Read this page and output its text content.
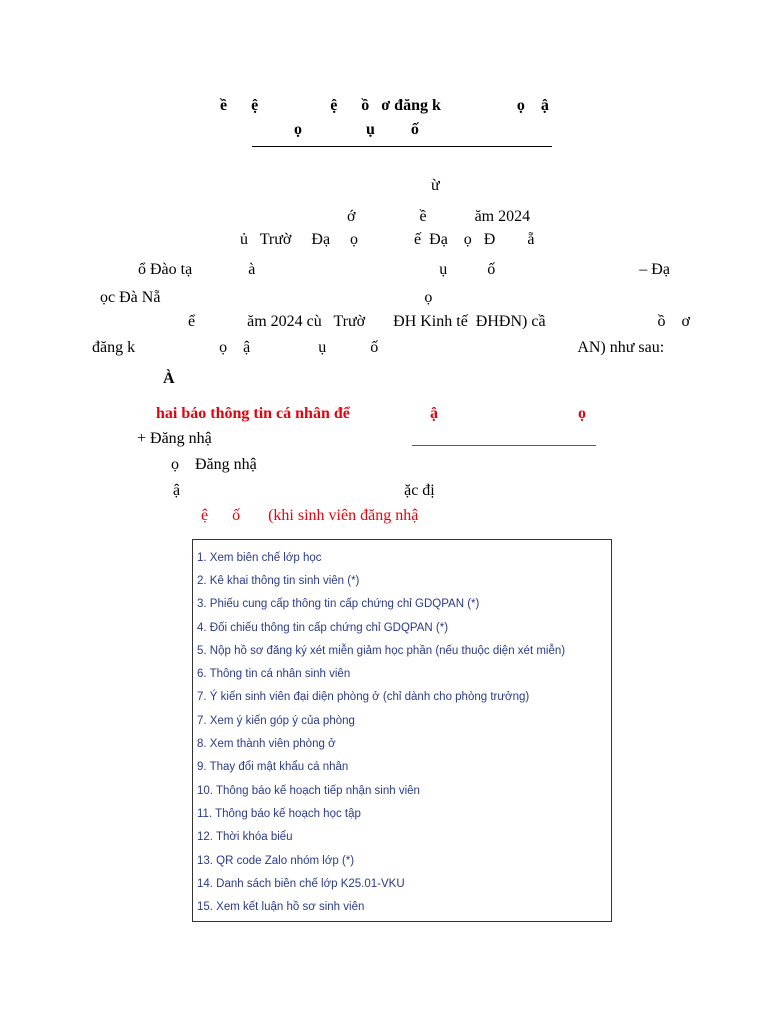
ề      ệ                  ệ      ồ   ơ đăng k                   ọ    ậ
ọ                ụ         ố
ừ
ớ                ề            ăm 2024
ủ   Trườ     Đạ     ọ              ế  Đạ    ọ   Đ        ẵ
ổ Đào tạ              à                                              ụ          ố                                    – Đạ
ọc Đà Nẵ                                                                  ọ
ể             ăm 2024 cù   Trườ       ĐH Kinh tế  ĐHĐN) cầ                            ồ    ơ
đăng k                     ọ    ậ                 ụ           ố                                                  AN) như sau:
À
hai báo thông tin cá nhân để	ậ	ọ
+ Đăng nhậ
ọ    Đăng nhậ
ậ                                                        ặc đị
ệ      ố       (khi sinh viên đăng nhậ
1. Xem biên chế lớp học
2. Kê khai thông tin sinh viên (*)
3. Phiếu cung cấp thông tin cấp chứng chỉ GDQPAN (*)
4. Đối chiếu thông tin cấp chứng chỉ GDQPAN (*)
5. Nộp hồ sơ đăng ký xét miễn giảm học phần (nếu thuộc diện xét miễn)
6. Thông tin cá nhân sinh viên
7. Ý kiến sinh viên đại diện phòng ở (chỉ dành cho phòng trưởng)
7. Xem ý kiến góp ý của phòng
8. Xem thành viên phòng ở
9. Thay đổi mật khẩu cá nhân
10. Thông báo kế hoạch tiếp nhận sinh viên
11. Thông báo kế hoạch học tập
12. Thời khóa biểu
13. QR code Zalo nhóm lớp (*)
14. Danh sách biên chế lớp K25.01-VKU
15. Xem kết luận hồ sơ sinh viên
